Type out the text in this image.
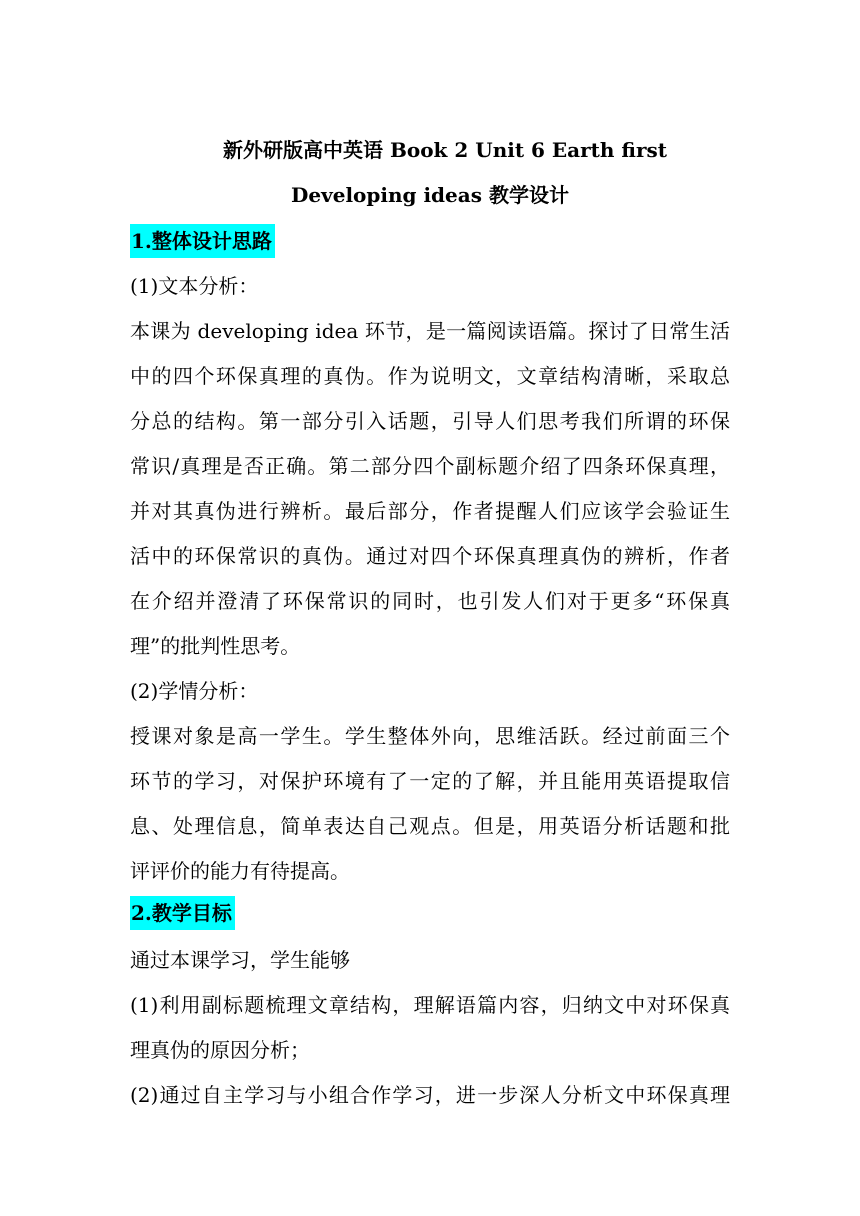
新外研版高中英语 Book 2 Unit 6 Earth first
Developing ideas 教学设计
1.整体设计思路
(1)文本分析：
本课为 developing idea 环节，是一篇阅读语篇。探讨了日常生活
中的四个环保真理的真伪。作为说明文，文章结构清晰，采取总
分总的结构。第一部分引入话题，引导人们思考我们所谓的环保
常识/真理是否正确。第二部分四个副标题介绍了四条环保真理，
并对其真伪进行辨析。最后部分，作者提醒人们应该学会验证生
活中的环保常识的真伪。通过对四个环保真理真伪的辨析，作者
在介绍并澄清了环保常识的同时，也引发人们对于更多“环保真
理”的批判性思考。
(2)学情分析：
授课对象是高一学生。学生整体外向，思维活跃。经过前面三个
环节的学习，对保护环境有了一定的了解，并且能用英语提取信
息、处理信息，简单表达自己观点。但是，用英语分析话题和批
评评价的能力有待提高。
2.教学目标
通过本课学习，学生能够
(1)利用副标题梳理文章结构，理解语篇内容，归纳文中对环保真
理真伪的原因分析；
(2)通过自主学习与小组合作学习，进一步深人分析文中环保真理
